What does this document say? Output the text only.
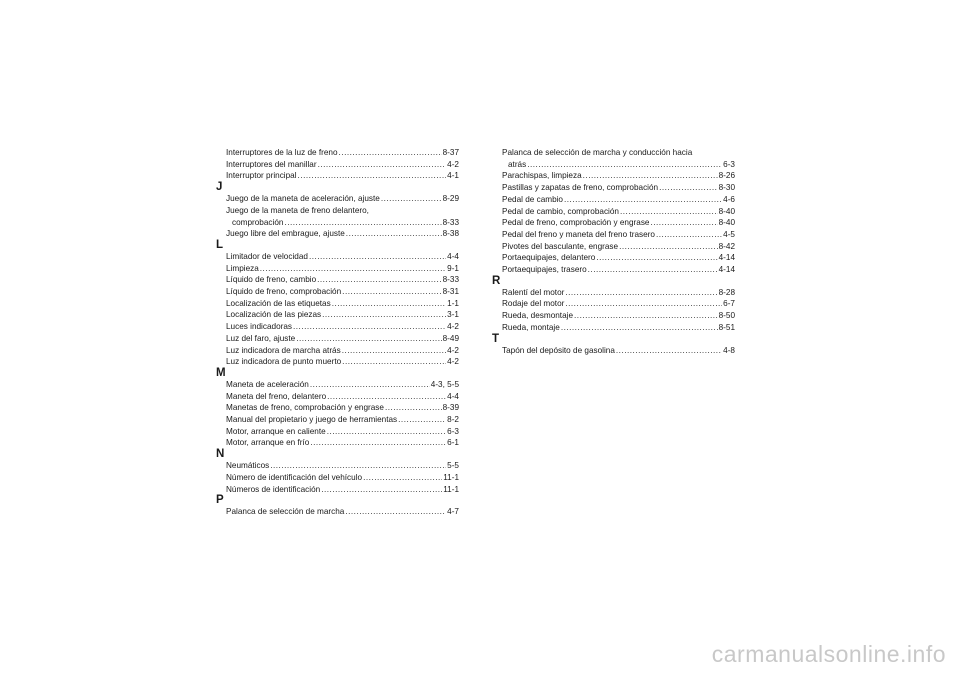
Interruptores de la luz de freno .....	8-37
Interruptores del manillar .....	4-2
Interruptor principal .....	4-1
J
Juego de la maneta de aceleración, ajuste .....	8-29
Juego de la maneta de freno delantero,
comprobación .....	8-33
Juego libre del embrague, ajuste .....	8-38
L
Limitador de velocidad .....	4-4
Limpieza .....	9-1
Líquido de freno, cambio .....	8-33
Líquido de freno, comprobación .....	8-31
Localización de las etiquetas .....	1-1
Localización de las piezas .....	3-1
Luces indicadoras .....	4-2
Luz del faro, ajuste .....	8-49
Luz indicadora de marcha atrás .....	4-2
Luz indicadora de punto muerto .....	4-2
M
Maneta de aceleración .....	4-3, 5-5
Maneta del freno, delantero .....	4-4
Manetas de freno, comprobación y engrase .....	8-39
Manual del propietario y juego de herramientas .....	8-2
Motor, arranque en caliente .....	6-3
Motor, arranque en frío .....	6-1
N
Neumáticos .....	5-5
Número de identificación del vehículo .....	11-1
Números de identificación .....	11-1
P
Palanca de selección de marcha .....	4-7
Palanca de selección de marcha y conducción hacia
atrás .....	6-3
Parachispas, limpieza .....	8-26
Pastillas y zapatas de freno, comprobación .....	8-30
Pedal de cambio .....	4-6
Pedal de cambio, comprobación .....	8-40
Pedal de freno, comprobación y engrase .....	8-40
Pedal del freno y maneta del freno trasero .....	4-5
Pivotes del basculante, engrase .....	8-42
Portaequipajes, delantero .....	4-14
Portaequipajes, trasero .....	4-14
R
Ralentí del motor .....	8-28
Rodaje del motor .....	6-7
Rueda, desmontaje .....	8-50
Rueda, montaje .....	8-51
T
Tapón del depósito de gasolina .....	4-8
carmanualsonline.info
